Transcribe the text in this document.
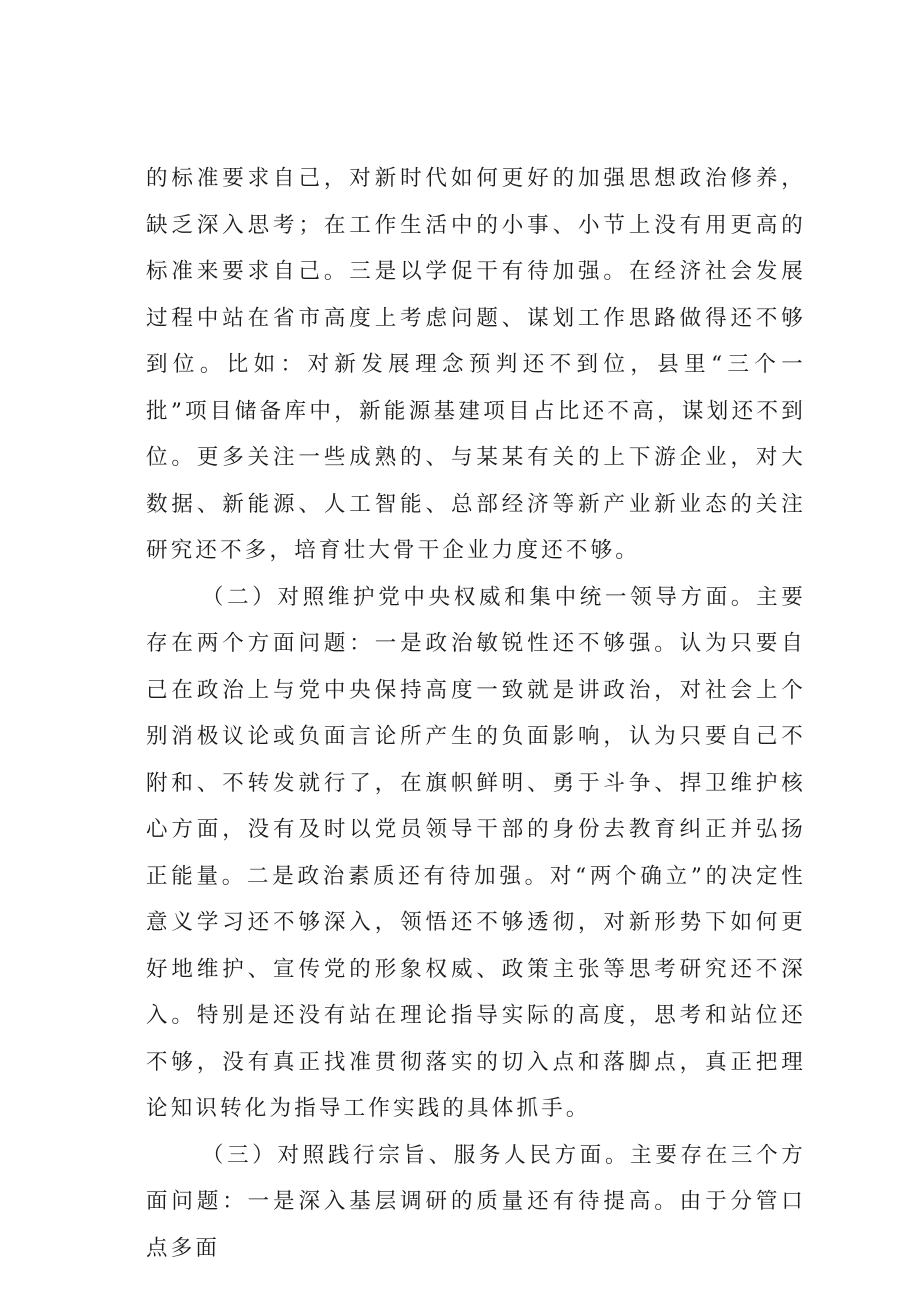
的标准要求自己，对新时代如何更好的加强思想政治修养，缺乏深入思考；在工作生活中的小事、小节上没有用更高的标准来要求自己。三是以学促干有待加强。在经济社会发展过程中站在省市高度上考虑问题、谋划工作思路做得还不够到位。比如：对新发展理念预判还不到位，县里“三个一批”项目储备库中，新能源基建项目占比还不高，谋划还不到位。更多关注一些成熟的、与某某有关的上下游企业，对大数据、新能源、人工智能、总部经济等新产业新业态的关注研究还不多，培育壮大骨干企业力度还不够。

（二）对照维护党中央权威和集中统一领导方面。主要存在两个方面问题：一是政治敏锐性还不够强。认为只要自己在政治上与党中央保持高度一致就是讲政治，对社会上个别消极议论或负面言论所产生的负面影响，认为只要自己不附和、不转发就行了，在旗帜鲜明、勇于斗争、捍卫维护核心方面，没有及时以党员领导干部的身份去教育纠正并弘扬正能量。二是政治素质还有待加强。对“两个确立”的决定性意义学习还不够深入，领悟还不够透彻，对新形势下如何更好地维护、宣传党的形象权威、政策主张等思考研究还不深入。特别是还没有站在理论指导实际的高度，思考和站位还不够，没有真正找准贯彻落实的切入点和落脚点，真正把理论知识转化为指导工作实践的具体抓手。

（三）对照践行宗旨、服务人民方面。主要存在三个方面问题：一是深入基层调研的质量还有待提高。由于分管口点多面
